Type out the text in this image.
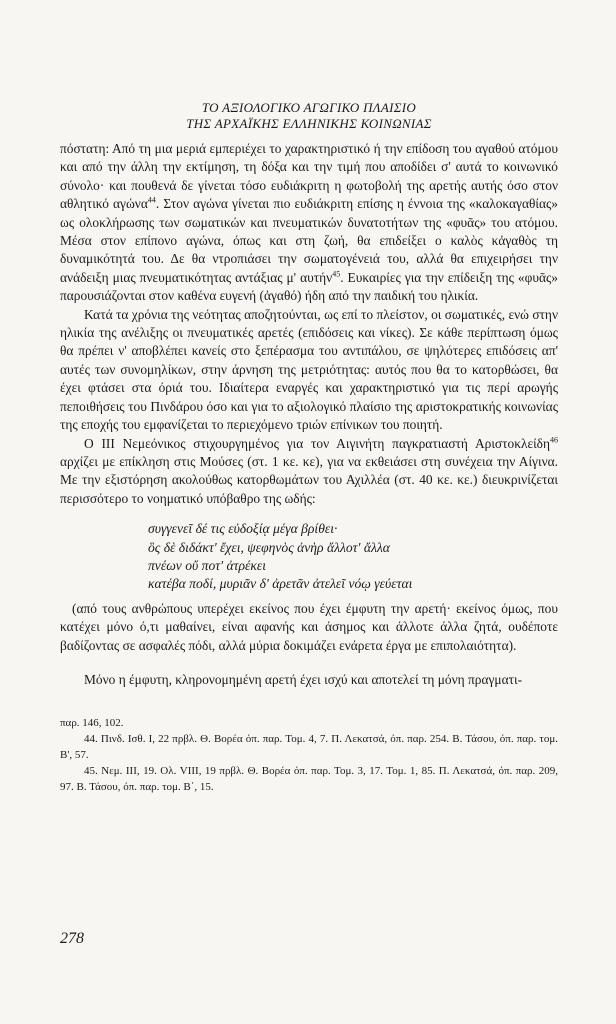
ΤΟ ΑΞΙΟΛΟΓΙΚΟ ΑΓΩΓΙΚΟ ΠΛΑΙΣΙΟ
ΤΗΣ ΑΡΧΑΪΚΗΣ ΕΛΛΗΝΙΚΗΣ ΚΟΙΝΩΝΙΑΣ

πόστατη: Από τη μια μεριά εμπεριέχει το χαρακτηριστικό ή την επίδοση του αγαθού ατόμου και από την άλλη την εκτίμηση, τη δόξα και την τιμή που αποδίδει σ' αυτά το κοινωνικό σύνολο· και πουθενά δε γίνεται τόσο ευδιάκριτη η φωτοβολή της αρετής αυτής όσο στον αθλητικό αγώνα$^{44}$. Στον αγώνα γίνεται πιο ευδιάκριτη επίσης η έννοια της «καλοκαγαθίας» ως ολοκλήρωσης των σωματικών και πνευματικών δυνατοτήτων της «φυᾶς» του ατόμου. Μέσα στον επίπονο αγώνα, όπως και στη ζωή, θα επιδείξει ο καλὸς κἀγαθὸς τη δυναμικότητά του. Δε θα ντροπιάσει την σωματογένειά του, αλλά θα επιχειρήσει την ανάδειξη μιας πνευματικότητας αντάξιας μ' αυτήν$^{45}$. Ευκαιρίες για την επίδειξη της «φυᾶς» παρουσιάζονται στον καθένα ευγενή (ἀγαθό) ήδη από την παιδική του ηλικία.

Κατά τα χρόνια της νεότητας αποζητούνται, ως επί το πλείστον, οι σωματικές, ενώ στην ηλικία της ανέλιξης οι πνευματικές αρετές (επιδόσεις και νίκες). Σε κάθε περίπτωση όμως θα πρέπει ν' αποβλέπει κανείς στο ξεπέρασμα του αντιπάλου, σε ψηλότερες επιδόσεις απ' αυτές των συνομηλίκων, στην άρνηση της μετριότητας: αυτός που θα το κατορθώσει, θα έχει φτάσει στα όριά του. Ιδιαίτερα εναργές και χαρακτηριστικό για τις περί αρωγής πεποιθήσεις του Πινδάρου όσο και για το αξιολογικό πλαίσιο της αριστοκρατικής κοινωνίας της εποχής του εμφανίζεται το περιεχόμενο τριών επίνικων του ποιητή.

Ο ΙΙΙ Νεμεόνικος στιχουργημένος για τον Αιγινήτη παγκρατιαστή Αριστοκλείδη$^{46}$ αρχίζει με επίκληση στις Μούσες (στ. 1 κε. κε), για να εκθειάσει στη συνέχεια την Αίγινα. Με την εξιστόρηση ακολούθως κατορθωμάτων του Αχιλλέα (στ. 40 κε. κε.) διευκρινίζεται περισσότερο το νοηματικό υπόβαθρο της ωδής:

συγγενεῖ δέ τις εὐδοξίᾳ μέγα βρίθει·
ὃς δὲ διδάκτ' ἔχει, ψεφηνὸς ἀνὴρ ἄλλοτ' ἄλλα
πνέων οὔ ποτ' ἀτρέκει
κατέβα ποδί, μυριᾶν δ' ἀρετᾶν ἀτελεῖ νόῳ γεύεται

(από τους ανθρώπους υπερέχει εκείνος που έχει έμφυτη την αρετή· εκείνος όμως, που κατέχει μόνο ό,τι μαθαίνει, είναι αφανής και άσημος και άλλοτε άλλα ζητά, ουδέποτε βαδίζοντας σε ασφαλές πόδι, αλλά μύρια δοκιμάζει ενάρετα έργα με επιπολαιότητα).

Μόνο η έμφυτη, κληρονομημένη αρετή έχει ισχύ και αποτελεί τη μόνη πραγματι-

παρ. 146, 102.
44. Πινδ. Ισθ. Ι, 22 πρβλ. Θ. Βορέα όπ. παρ. Τομ. 4, 7. Π. Λεκατσά, όπ. παρ. 254. Β. Τάσου, όπ. παρ. τομ. Β', 57.
45. Νεμ. ΙΙΙ, 19. Ολ. VIII, 19 πρβλ. Θ. Βορέα όπ. παρ. Τομ. 3, 17. Τομ. 1, 85. Π. Λεκατσά, όπ. παρ. 209, 97. Β. Τάσου, όπ. παρ. τομ. Β΄, 15.
278
